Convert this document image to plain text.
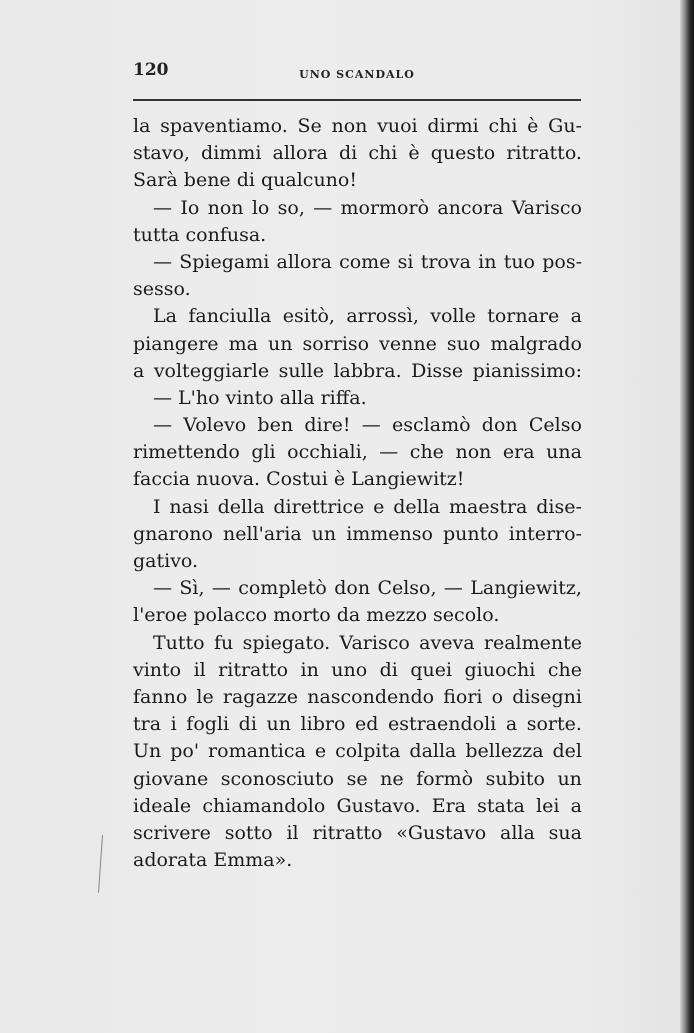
120	UNO SCANDALO
la spaventiamo. Se non vuoi dirmi chi è Gu-
stavo, dimmi allora di chi è questo ritratto.
Sarà bene di qualcuno!
— Io non lo so, — mormorò ancora Varisco
tutta confusa.
— Spiegami allora come si trova in tuo pos-
sesso.
La fanciulla esitò, arrossì, volle tornare a
piangere ma un sorriso venne suo malgrado
a volteggiarle sulle labbra. Disse pianissimo:
— L'ho vinto alla riffa.
— Volevo ben dire! — esclamò don Celso
rimettendo gli occhiali, — che non era una
faccia nuova. Costui è Langiewitz!
I nasi della direttrice e della maestra dise-
gnarono nell'aria un immenso punto interro-
gativo.
— Sì, — completò don Celso, — Langiewitz,
l'eroe polacco morto da mezzo secolo.
Tutto fu spiegato. Varisco aveva realmente
vinto il ritratto in uno di quei giuochi che
fanno le ragazze nascondendo fiori o disegni
tra i fogli di un libro ed estraendoli a sorte.
Un po' romantica e colpita dalla bellezza del
giovane sconosciuto se ne formò subito un
ideale chiamandolo Gustavo. Era stata lei a
scrivere sotto il ritratto «Gustavo alla sua
adorata Emma».
